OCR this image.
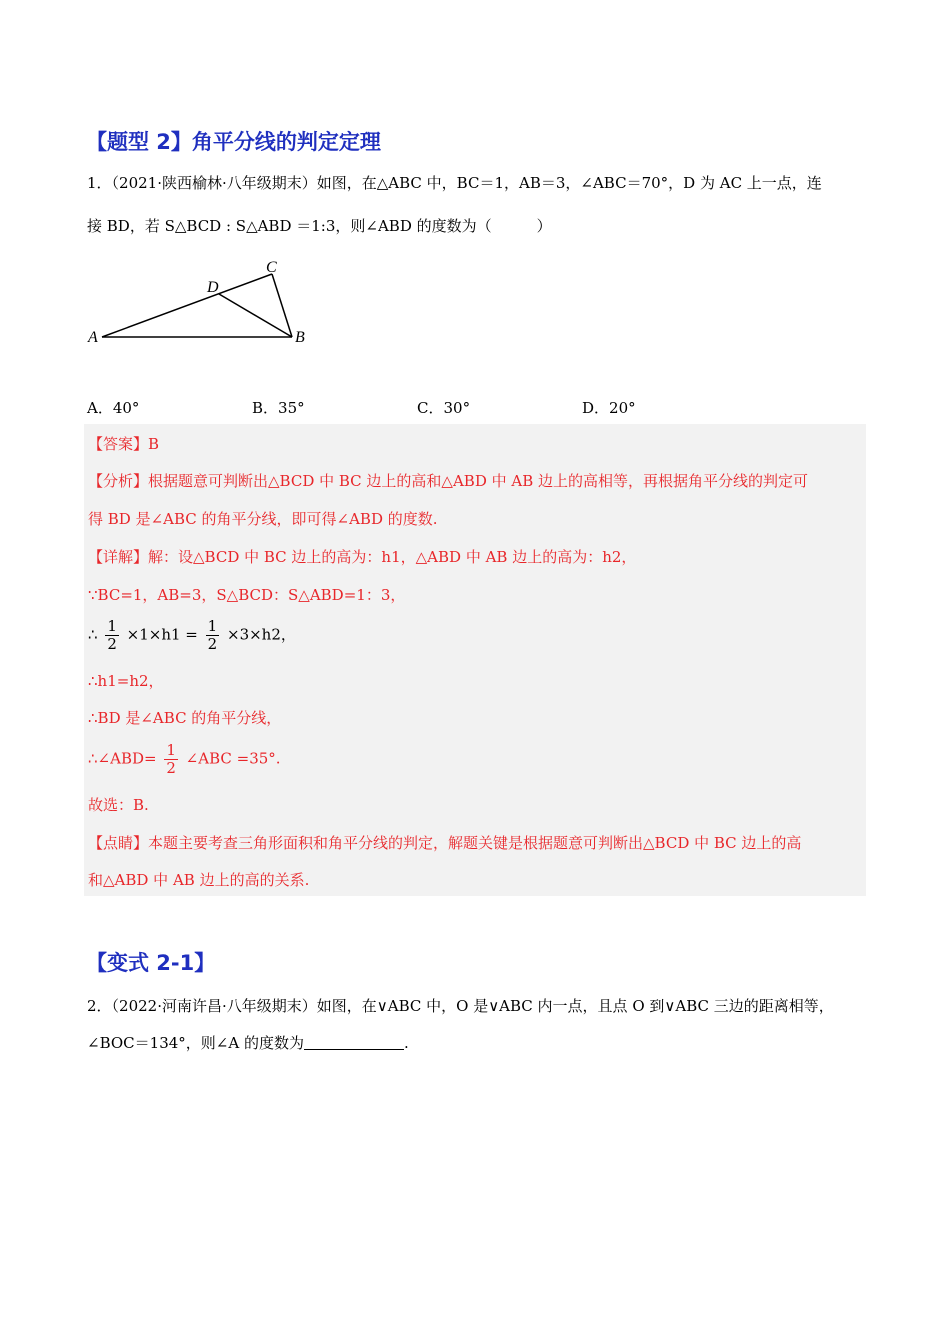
【题型 2】角平分线的判定定理
1．（2021·陕西榆林·八年级期末）如图，在△ABC 中，BC＝1，AB＝3，∠ABC＝70°，D 为 AC 上一点，连
接 BD，若 S△BCD : S△ABD ＝1:3，则∠ABD 的度数为（　　　）
A	B
C
D
A．40°	B．35°	C．30°	D．20°
【答案】B
【分析】根据题意可判断出△BCD 中 BC 边上的高和△ABD 中 AB 边上的高相等，再根据角平分线的判定可
得 BD 是∠ABC 的角平分线，即可得∠ABD 的度数.
【详解】解：设△BCD 中 BC 边上的高为：h1，△ABD 中 AB 边上的高为：h2，
∵BC=1，AB=3，S△BCD：S△ABD=1：3，
∴ $\frac{1}{2} \times 1\times h1 = \frac{1}{2} \times 3\times h2$，
∴h1=h2，
∴BD 是∠ABC 的角平分线，
∴∠ABD= $\frac{1}{2}$ ∠ABC =35°.
故选：B.
【点睛】本题主要考查三角形面积和角平分线的判定，解题关键是根据题意可判断出△BCD 中 BC 边上的高
和△ABD 中 AB 边上的高的关系.
【变式 2-1】
2．（2022·河南许昌·八年级期末）如图，在∨ABC 中，O 是∨ABC 内一点，且点 O 到∨ABC 三边的距离相等，
∠BOC＝134°，则∠A 的度数为	.
